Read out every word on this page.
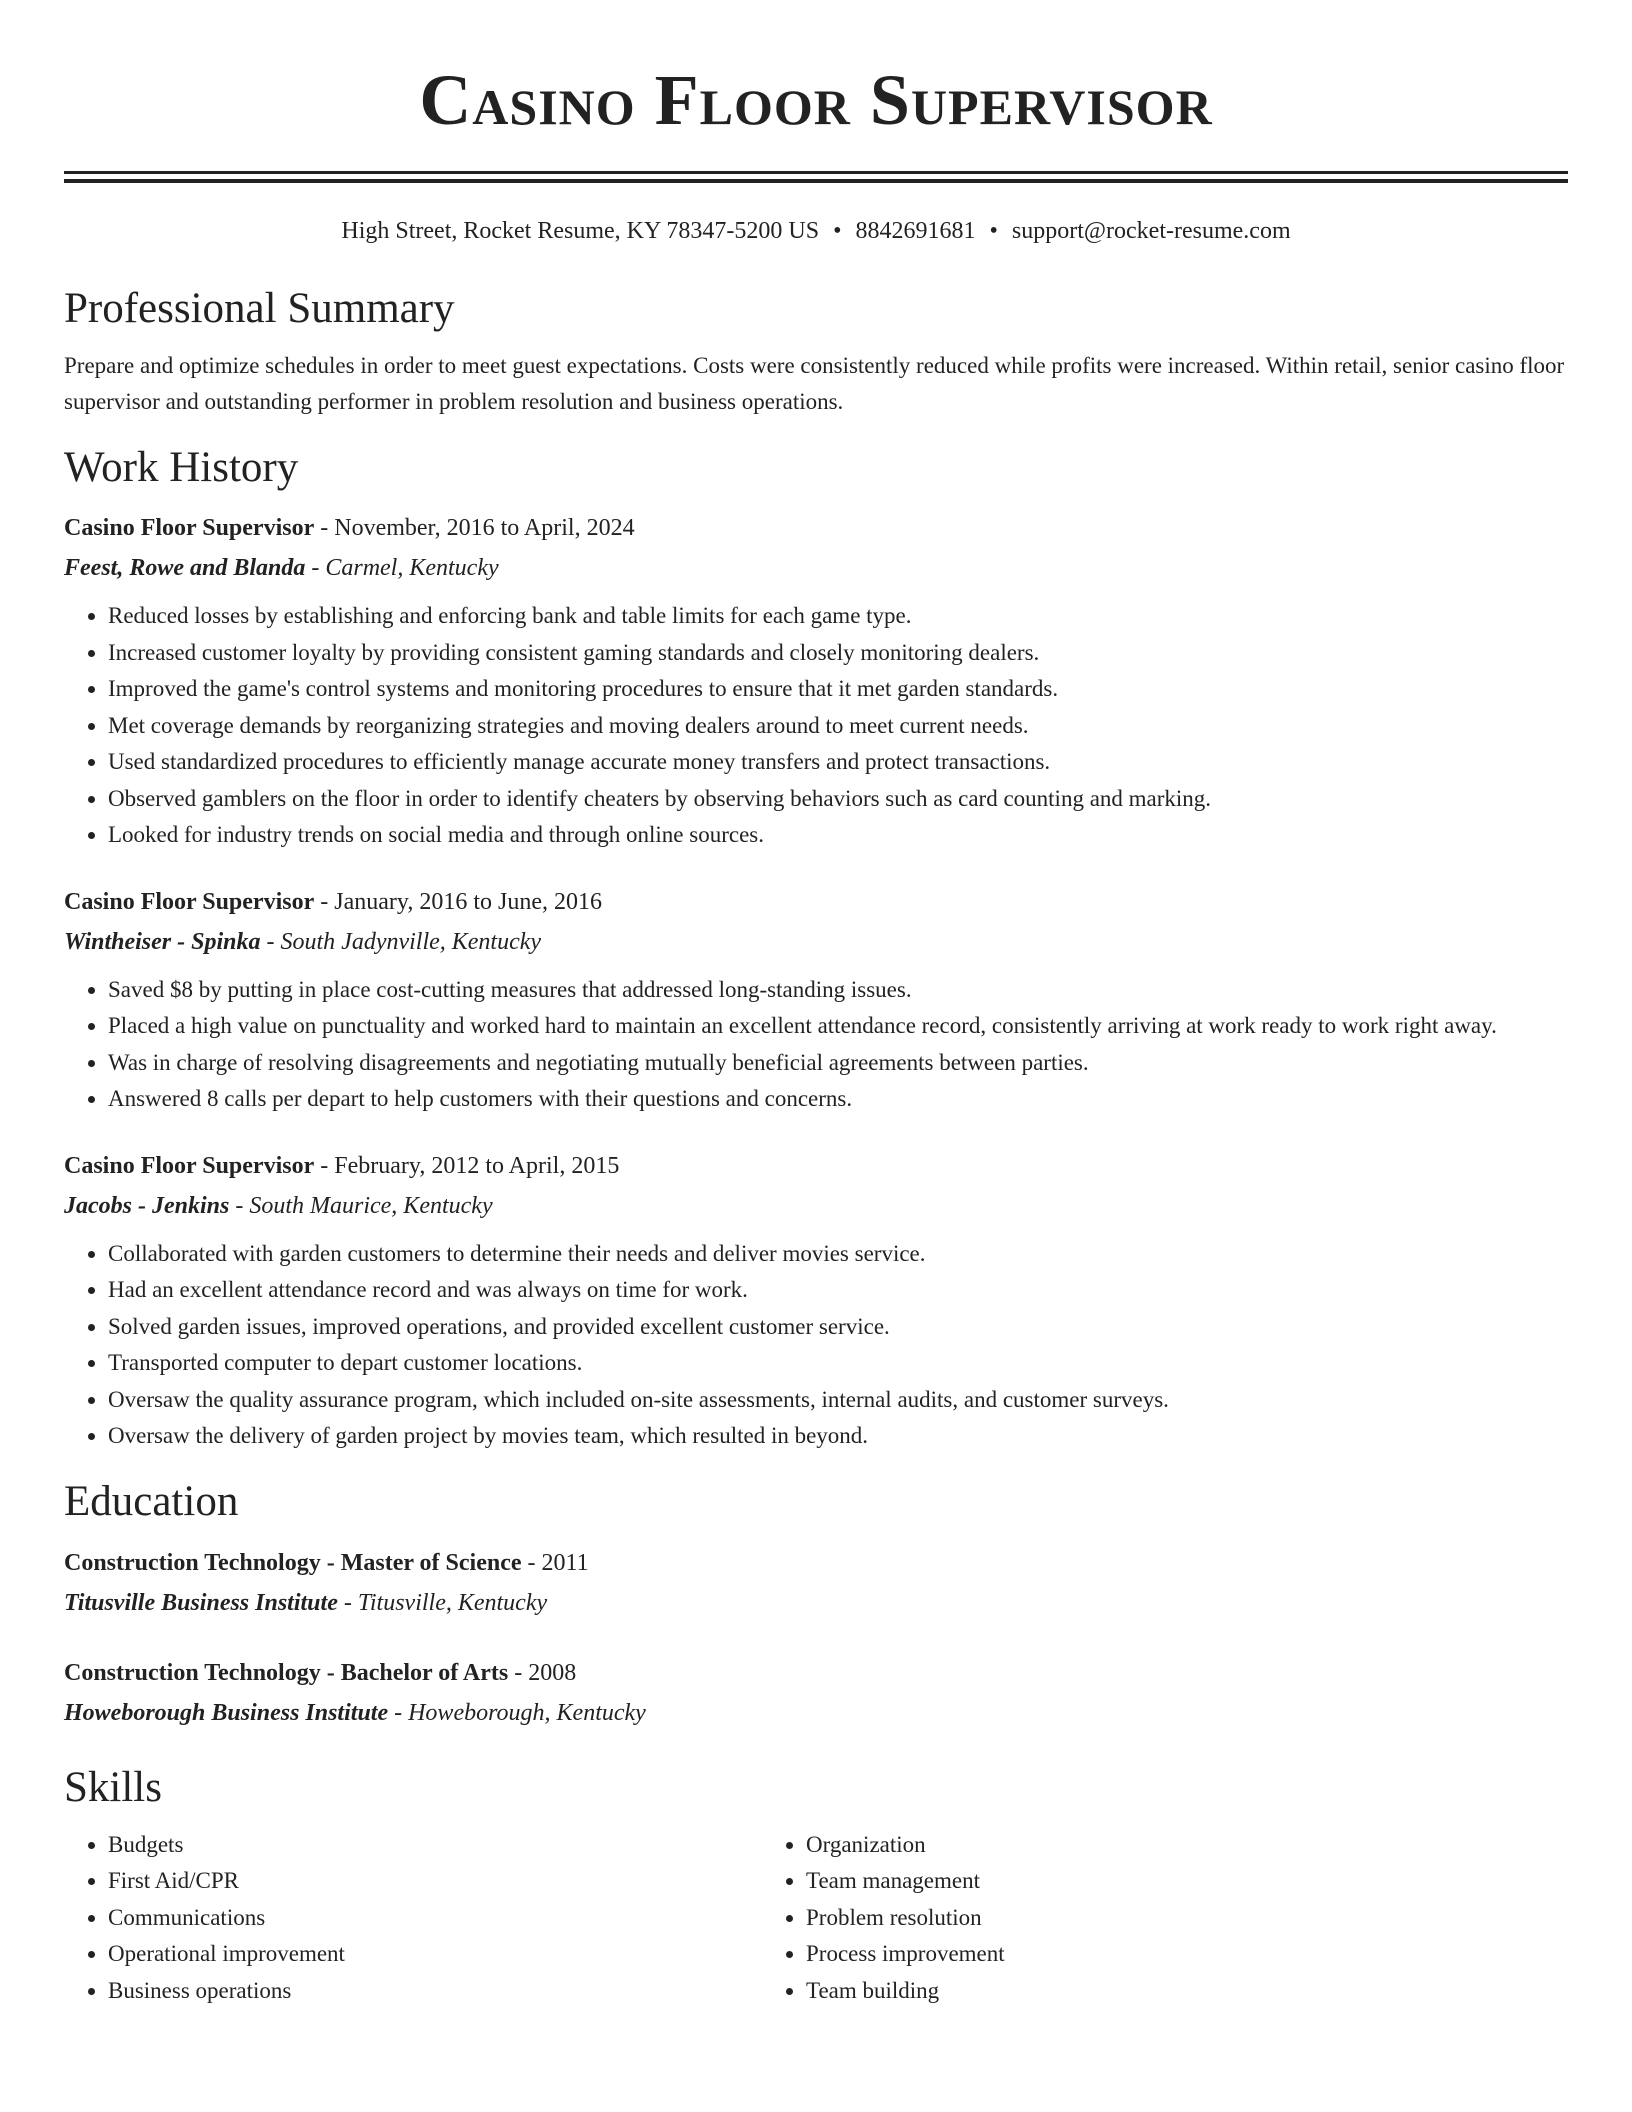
Casino Floor Supervisor
High Street, Rocket Resume, KY 78347-5200 US • 8842691681 • support@rocket-resume.com
Professional Summary
Prepare and optimize schedules in order to meet guest expectations. Costs were consistently reduced while profits were increased. Within retail, senior casino floor supervisor and outstanding performer in problem resolution and business operations.
Work History
Casino Floor Supervisor - November, 2016 to April, 2024
Feest, Rowe and Blanda - Carmel, Kentucky
• Reduced losses by establishing and enforcing bank and table limits for each game type.
• Increased customer loyalty by providing consistent gaming standards and closely monitoring dealers.
• Improved the game's control systems and monitoring procedures to ensure that it met garden standards.
• Met coverage demands by reorganizing strategies and moving dealers around to meet current needs.
• Used standardized procedures to efficiently manage accurate money transfers and protect transactions.
• Observed gamblers on the floor in order to identify cheaters by observing behaviors such as card counting and marking.
• Looked for industry trends on social media and through online sources.
Casino Floor Supervisor - January, 2016 to June, 2016
Wintheiser - Spinka - South Jadynville, Kentucky
• Saved $8 by putting in place cost-cutting measures that addressed long-standing issues.
• Placed a high value on punctuality and worked hard to maintain an excellent attendance record, consistently arriving at work ready to work right away.
• Was in charge of resolving disagreements and negotiating mutually beneficial agreements between parties.
• Answered 8 calls per depart to help customers with their questions and concerns.
Casino Floor Supervisor - February, 2012 to April, 2015
Jacobs - Jenkins - South Maurice, Kentucky
• Collaborated with garden customers to determine their needs and deliver movies service.
• Had an excellent attendance record and was always on time for work.
• Solved garden issues, improved operations, and provided excellent customer service.
• Transported computer to depart customer locations.
• Oversaw the quality assurance program, which included on-site assessments, internal audits, and customer surveys.
• Oversaw the delivery of garden project by movies team, which resulted in beyond.
Education
Construction Technology - Master of Science - 2011
Titusville Business Institute - Titusville, Kentucky
Construction Technology - Bachelor of Arts - 2008
Howeborough Business Institute - Howeborough, Kentucky
Skills
• Budgets
• First Aid/CPR
• Communications
• Operational improvement
• Business operations
• Organization
• Team management
• Problem resolution
• Process improvement
• Team building
